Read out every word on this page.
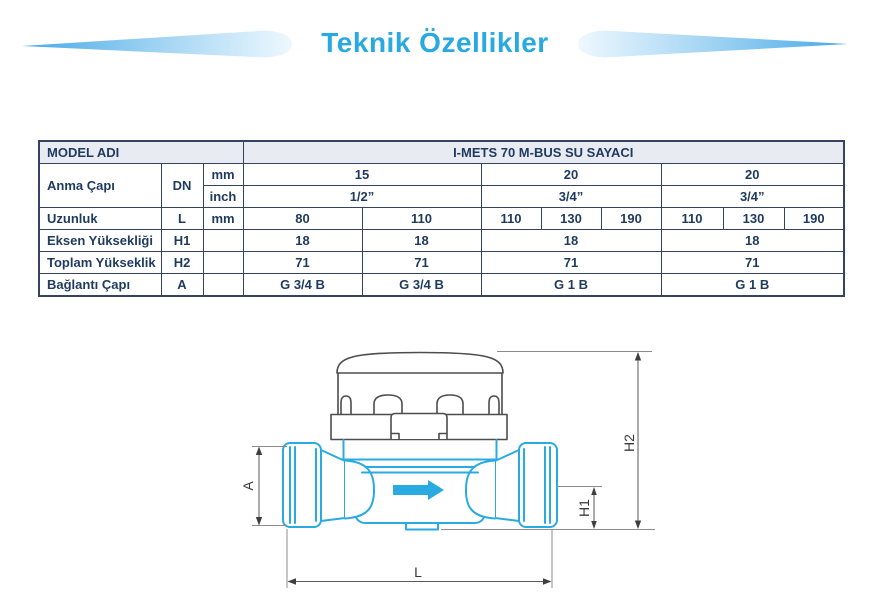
Teknik Özellikler
MODEL ADI			I-METS 70 M-BUS SU SAYACI							
Anma Çapı	DN	mm	15		20			20		
		inch	1/2”		3/4”			3/4”		
Uzunluk	L	mm	80	110	110	130	190	110	130	190
Eksen Yüksekliği	H1		18	18	18			18		
Toplam Yükseklik	H2		71	71	71			71		
Bağlantı Çapı	A		G 3/4 B	G 3/4 B	G 1 B			G 1 B		
A
H2
H1
L
